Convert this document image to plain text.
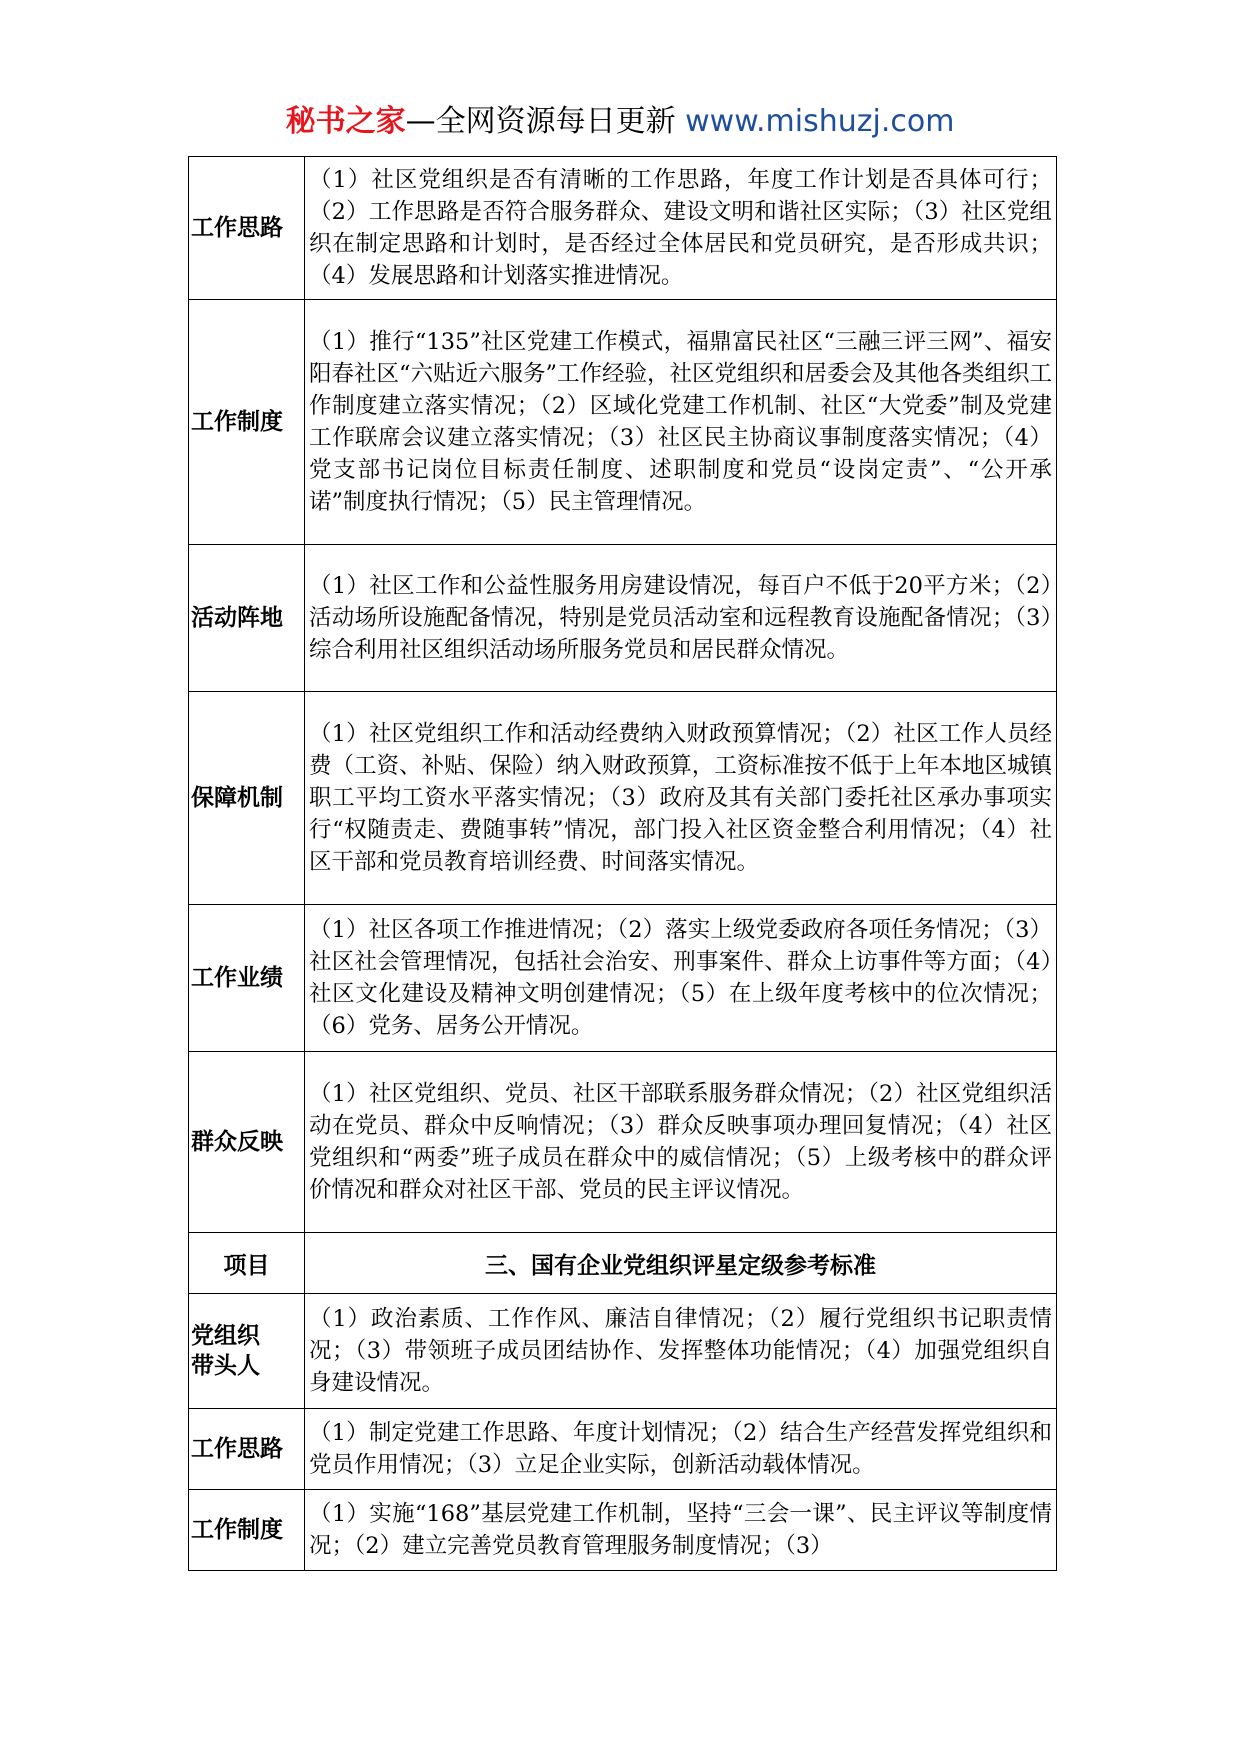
秘书之家—全网资源每日更新 www.mishuzj.com
工作思路	（1）社区党组织是否有清晰的工作思路，年度工作计划是否具体可行；（2）工作思路是否符合服务群众、建设文明和谐社区实际；（3）社区党组织在制定思路和计划时，是否经过全体居民和党员研究，是否形成共识；（4）发展思路和计划落实推进情况。
工作制度	（1）推行“135”社区党建工作模式，福鼎富民社区“三融三评三网”、福安阳春社区“六贴近六服务”工作经验，社区党组织和居委会及其他各类组织工作制度建立落实情况；（2）区域化党建工作机制、社区“大党委”制及党建工作联席会议建立落实情况；（3）社区民主协商议事制度落实情况；（4）党支部书记岗位目标责任制度、述职制度和党员“设岗定责”、“公开承诺”制度执行情况；（5）民主管理情况。
活动阵地	（1）社区工作和公益性服务用房建设情况，每百户不低于20平方米；（2）活动场所设施配备情况，特别是党员活动室和远程教育设施配备情况；（3）综合利用社区组织活动场所服务党员和居民群众情况。
保障机制	（1）社区党组织工作和活动经费纳入财政预算情况；（2）社区工作人员经费（工资、补贴、保险）纳入财政预算，工资标准按不低于上年本地区城镇职工平均工资水平落实情况；（3）政府及其有关部门委托社区承办事项实行“权随责走、费随事转”情况，部门投入社区资金整合利用情况；（4）社区干部和党员教育培训经费、时间落实情况。
工作业绩	（1）社区各项工作推进情况；（2）落实上级党委政府各项任务情况；（3）社区社会管理情况，包括社会治安、刑事案件、群众上访事件等方面；（4）社区文化建设及精神文明创建情况；（5）在上级年度考核中的位次情况；（6）党务、居务公开情况。
群众反映	（1）社区党组织、党员、社区干部联系服务群众情况；（2）社区党组织活动在党员、群众中反响情况；（3）群众反映事项办理回复情况；（4）社区党组织和“两委”班子成员在群众中的威信情况；（5）上级考核中的群众评价情况和群众对社区干部、党员的民主评议情况。
项目	三、国有企业党组织评星定级参考标准
党组织带头人	（1）政治素质、工作作风、廉洁自律情况；（2）履行党组织书记职责情况；（3）带领班子成员团结协作、发挥整体功能情况；（4）加强党组织自身建设情况。
工作思路	（1）制定党建工作思路、年度计划情况；（2）结合生产经营发挥党组织和党员作用情况；（3）立足企业实际，创新活动载体情况。
工作制度	（1）实施“168”基层党建工作机制，坚持“三会一课”、民主评议等制度情况；（2）建立完善党员教育管理服务制度情况；（3）
